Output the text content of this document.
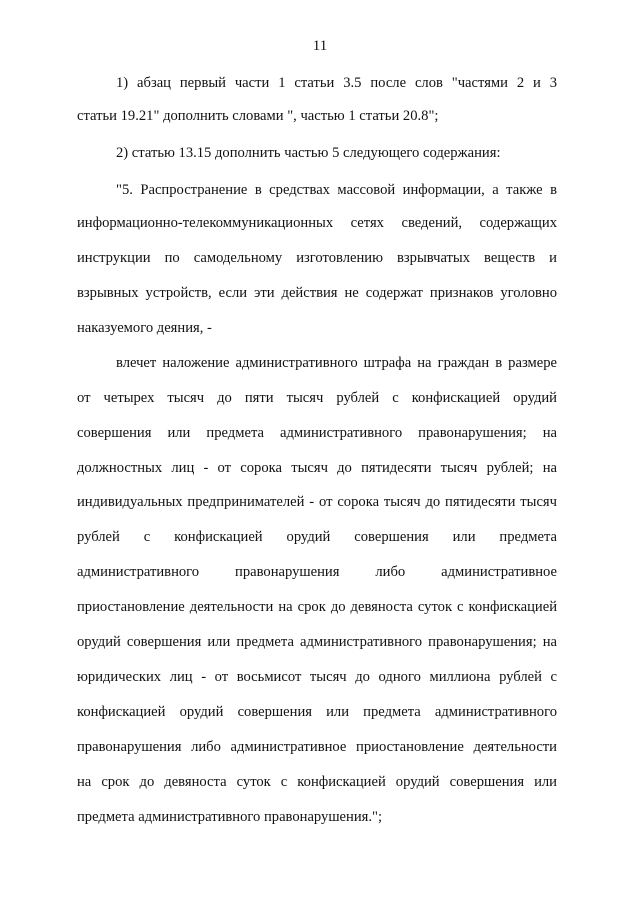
11
1) абзац первый части 1 статьи 3.5 после слов "частями 2 и 3
статьи 19.21" дополнить словами ", частью 1 статьи 20.8";
2) статью 13.15 дополнить частью 5 следующего содержания:
"5. Распространение в средствах массовой информации, а также в
информационно-телекоммуникационных сетях сведений, содержащих
инструкции по самодельному изготовлению взрывчатых веществ и
взрывных устройств, если эти действия не содержат признаков уголовно
наказуемого деяния, -
влечет наложение административного штрафа на граждан в размере
от четырех тысяч до пяти тысяч рублей с конфискацией орудий
совершения или предмета административного правонарушения; на
должностных лиц - от сорока тысяч до пятидесяти тысяч рублей; на
индивидуальных предпринимателей - от сорока тысяч до пятидесяти тысяч
рублей с конфискацией орудий совершения или предмета
административного правонарушения либо административное
приостановление деятельности на срок до девяноста суток с конфискацией
орудий совершения или предмета административного правонарушения; на
юридических лиц - от восьмисот тысяч до одного миллиона рублей с
конфискацией орудий совершения или предмета административного
правонарушения либо административное приостановление деятельности
на срок до девяноста суток с конфискацией орудий совершения или
предмета административного правонарушения.";
